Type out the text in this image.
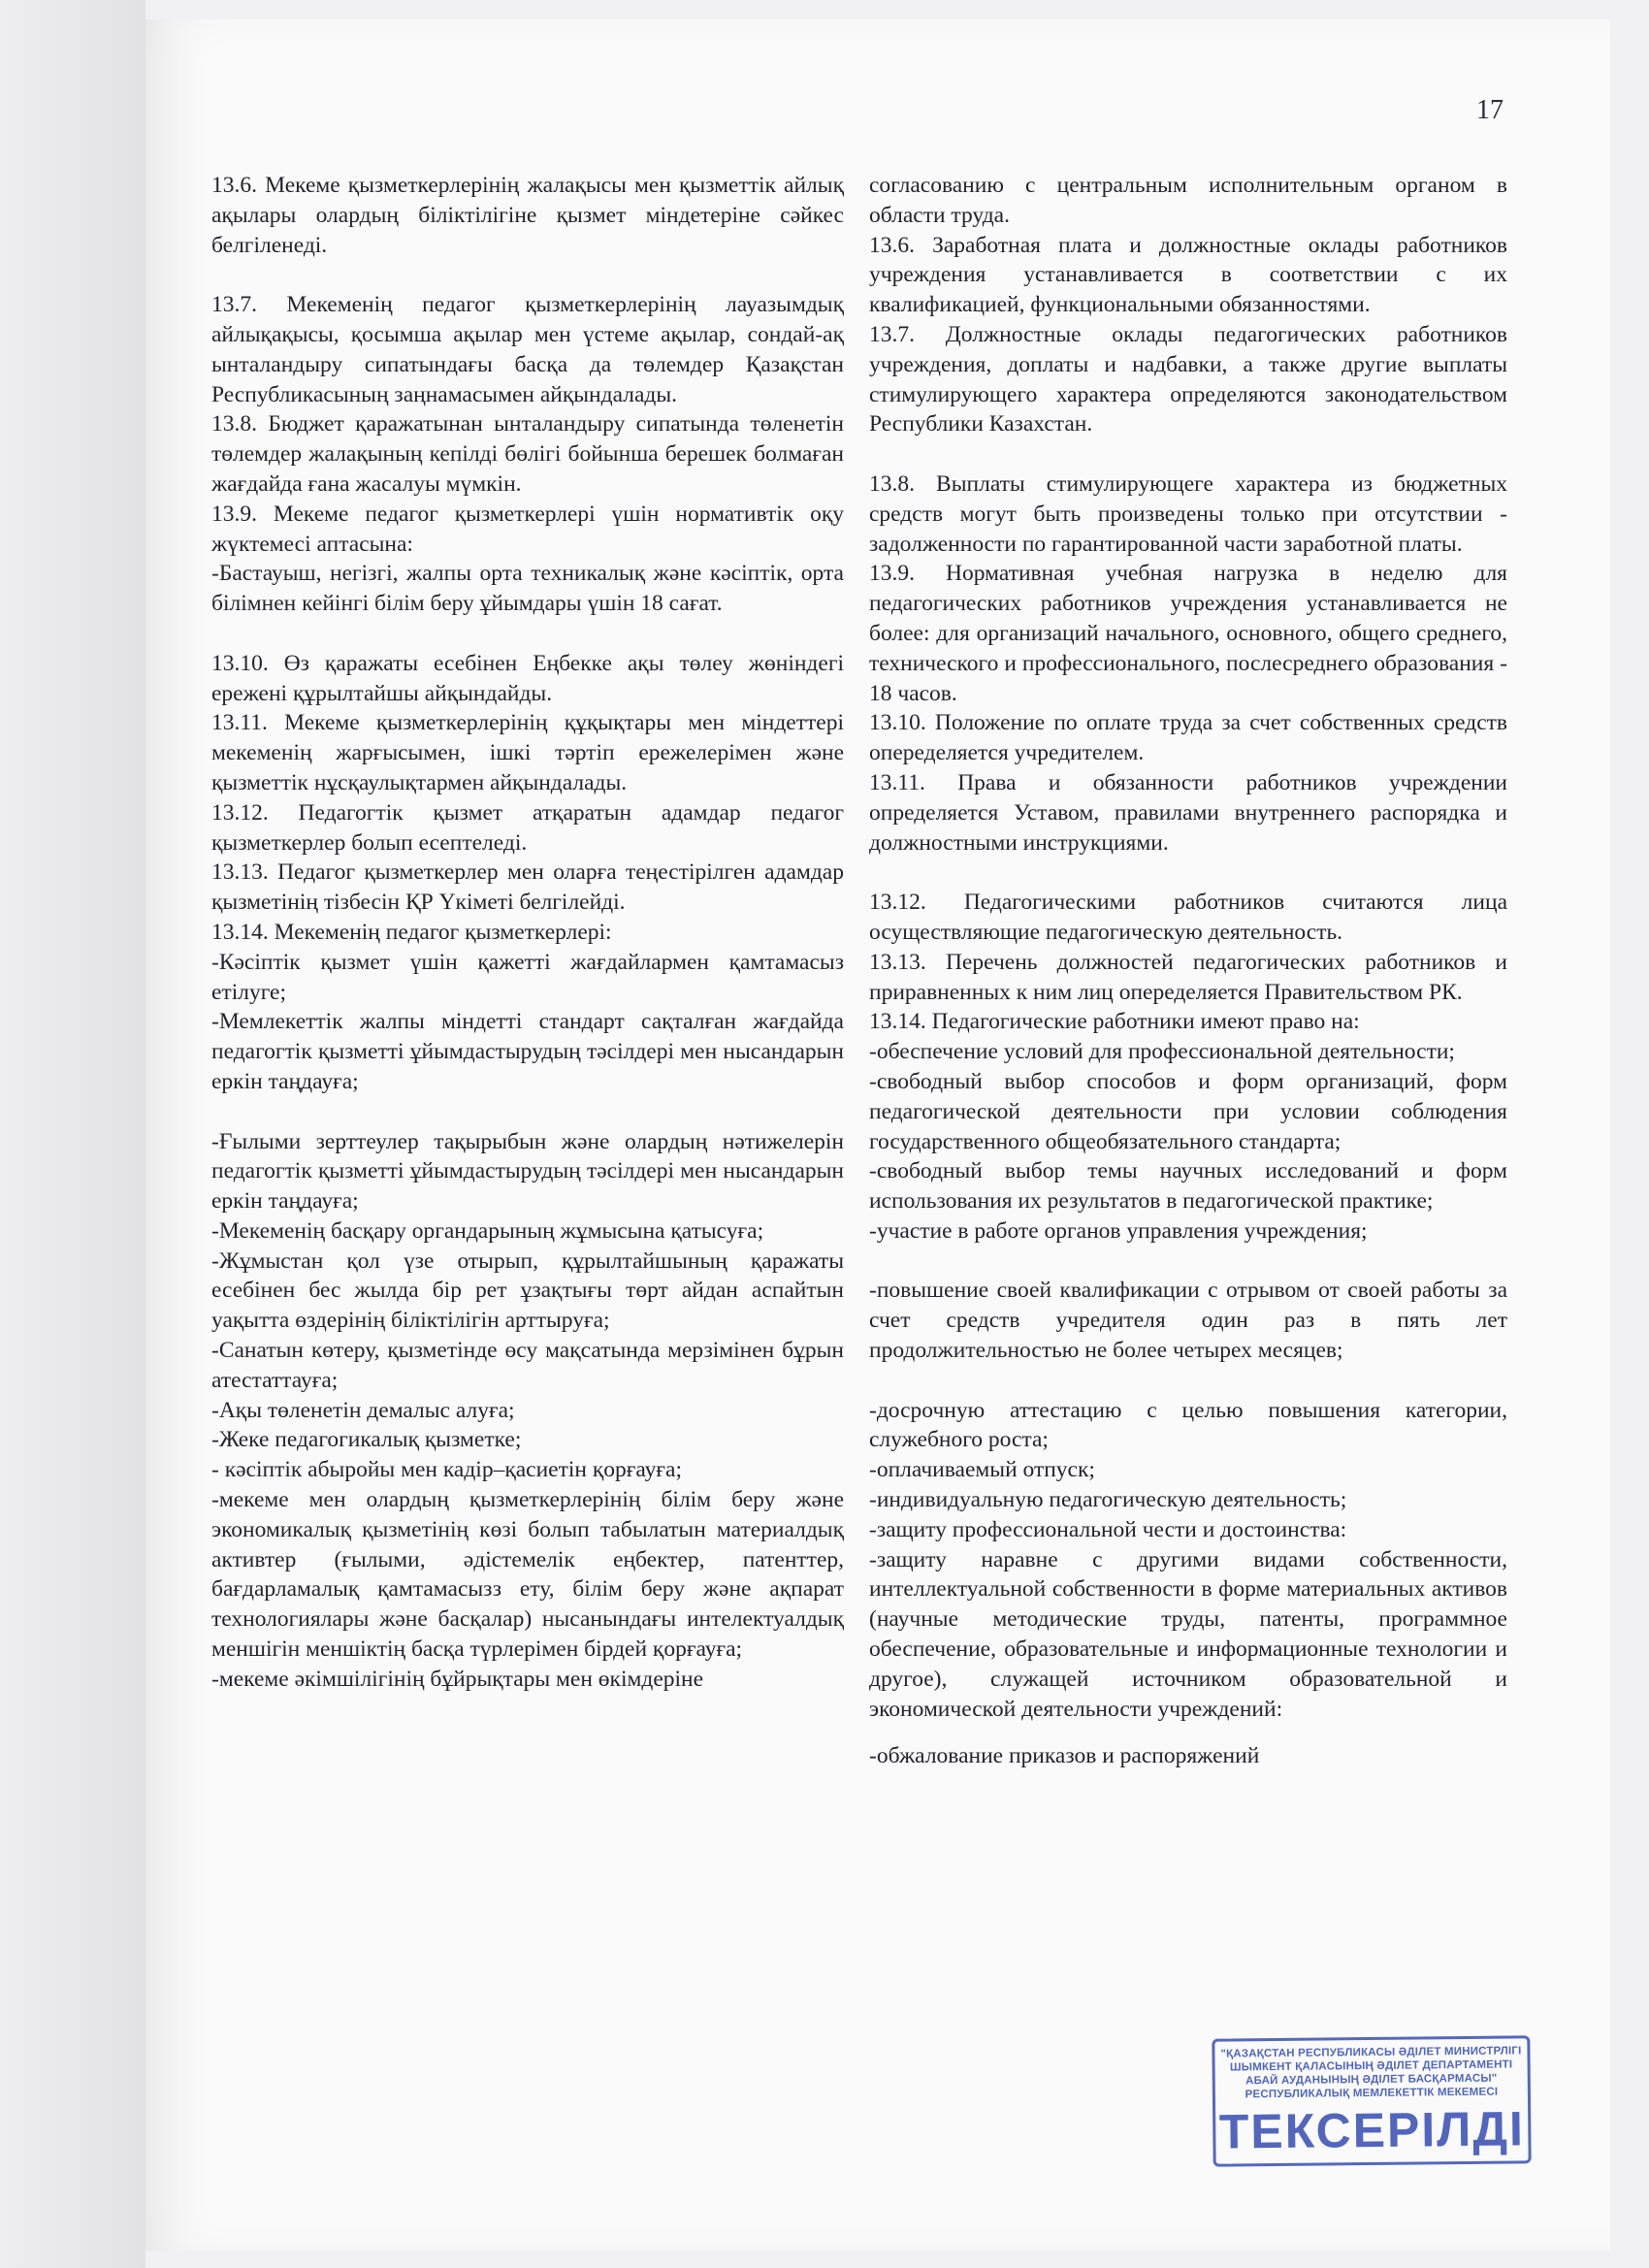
17

13.6. Мекеме қызметкерлерінің жалақысы мен қызметтік айлық ақылары олардың біліктілігіне қызмет міндетеріне сәйкес белгіленеді.

13.7. Мекеменің педагог қызметкерлерінің лауазымдық айлықақысы, қосымша ақылар мен үстеме ақылар, сондай-ақ ынталандыру сипатындағы басқа да төлемдер Қазақстан Республикасының заңнамасымен айқындалады.

13.8. Бюджет қаражатынан ынталандыру сипатында төленетін төлемдер жалақының кепілді бөлігі бойынша берешек болмаған жағдайда ғана жасалуы мүмкін.

13.9. Мекеме педагог қызметкерлері үшін нормативтік оқу жүктемесі аптасына:

-Бастауыш, негізгі, жалпы орта техникалық және кәсіптік, орта білімнен кейінгі білім беру ұйымдары үшін 18 сағат.

13.10. Өз қаражаты есебінен Еңбекке ақы төлеу жөніндегі ережені құрылтайшы айқындайды.

13.11. Мекеме қызметкерлерінің құқықтары мен міндеттері мекеменің жарғысымен, ішкі тәртіп ережелерімен және қызметтік нұсқаулықтармен айқындалады.

13.12. Педагогтік қызмет атқаратын адамдар педагог қызметкерлер болып есептеледі.

13.13. Педагог қызметкерлер мен оларға теңестірілген адамдар қызметінің тізбесін ҚР Үкіметі белгілейді.

13.14. Мекеменің педагог қызметкерлері:

-Кәсіптік қызмет үшін қажетті жағдайлармен қамтамасыз етілуге;

-Мемлекеттік жалпы міндетті стандарт сақталған жағдайда педагогтік қызметті ұйымдастырудың тәсілдері мен нысандарын еркін таңдауға;

-Ғылыми зерттеулер тақырыбын және олардың нәтижелерін педагогтік қызметті ұйымдастырудың тәсілдері мен нысандарын еркін таңдауға;

-Мекеменің басқару органдарының жұмысына қатысуға;

-Жұмыстан қол үзе отырып, құрылтайшының қаражаты есебінен бес жылда бір рет ұзақтығы төрт айдан аспайтын уақытта өздерінің біліктілігін арттыруға;

-Санатын көтеру, қызметінде өсу мақсатында мерзімінен бұрын атестаттауға;

-Ақы төленетін демалыс алуға;

-Жеке педагогикалық қызметке;

- кәсіптік абыройы мен кадір–қасиетін қорғауға;

-мекеме мен олардың қызметкерлерінің білім беру және экономикалық қызметінің көзі болып табылатын материалдық активтер (ғылыми, әдістемелік еңбектер, патенттер, бағдарламалық қамтамасызз ету, білім беру және ақпарат технологиялары және басқалар) нысанындағы интелектуалдық меншігін меншіктің басқа түрлерімен бірдей қорғауға;

-мекеме әкімшілігінің бұйрықтары мен өкімдеріне

согласованию с центральным исполнительным органом в области труда.

13.6. Заработная плата и должностные оклады работников учреждения устанавливается в соответствии с их квалификацией, функциональными обязанностями.

13.7. Должностные оклады педагогических работников учреждения, доплаты и надбавки, а также другие выплаты стимулирующего характера определяются законодательством Республики Казахстан.

13.8. Выплаты стимулирующеге характера из бюджетных средств могут быть произведены только при отсутствии - задолженности по гарантированной части заработной платы.

13.9. Нормативная учебная нагрузка в неделю для педагогических работников учреждения устанавливается не более: для организаций начального, основного, общего среднего, технического и профессионального, послесреднего образования - 18 часов.

13.10. Положение по оплате труда за счет собственных средств опеределяется учредителем.

13.11. Права и обязанности работников учреждении определяется Уставом, правилами внутреннего распорядка и должностными инструкциями.

13.12. Педагогическими работников считаются лица осуществляющие педагогическую деятельность.

13.13. Перечень должностей педагогических работников и приравненных к ним лиц опеределяется Правительством РК.

13.14. Педагогические работники имеют право на:

-обеспечение условий для профессиональной деятельности;

-свободный выбор способов и форм организаций, форм педагогической деятельности при условии соблюдения государственного общеобязательного стандарта;

-свободный выбор темы научных исследований и форм использования их результатов в педагогической практике;

-участие в работе органов управления учреждения;

-повышение своей квалификации с отрывом от своей работы за счет средств учредителя один раз в пять лет продолжительностью не более четырех месяцев;

-досрочную аттестацию с целью повышения категории, служебного роста;

-оплачиваемый отпуск;

-индивидуальную педагогическую деятельность;

-защиту профессиональной чести и достоинства:

-защиту наравне с другими видами собственности, интеллектуальной собственности в форме материальных активов (научные методические труды, патенты, программное обеспечение, образовательные и информационные технологии и другое), служащей источником образовательной и экономической деятельности учреждений:

-обжалование приказов и распоряжений

"ҚАЗАҚСТАН РЕСПУБЛИКАСЫ ӘДІЛЕТ МИНИСТРЛІГІ
ШЫМКЕНТ ҚАЛАСЫНЫҢ ӘДІЛЕТ ДЕПАРТАМЕНТІ
АБАЙ АУДАНЫНЫҢ ӘДІЛЕТ БАСҚАРМАСЫ"
РЕСПУБЛИКАЛЫҚ МЕМЛЕКЕТТІК МЕКЕМЕСІ
ТЕКСЕРІЛДІ
